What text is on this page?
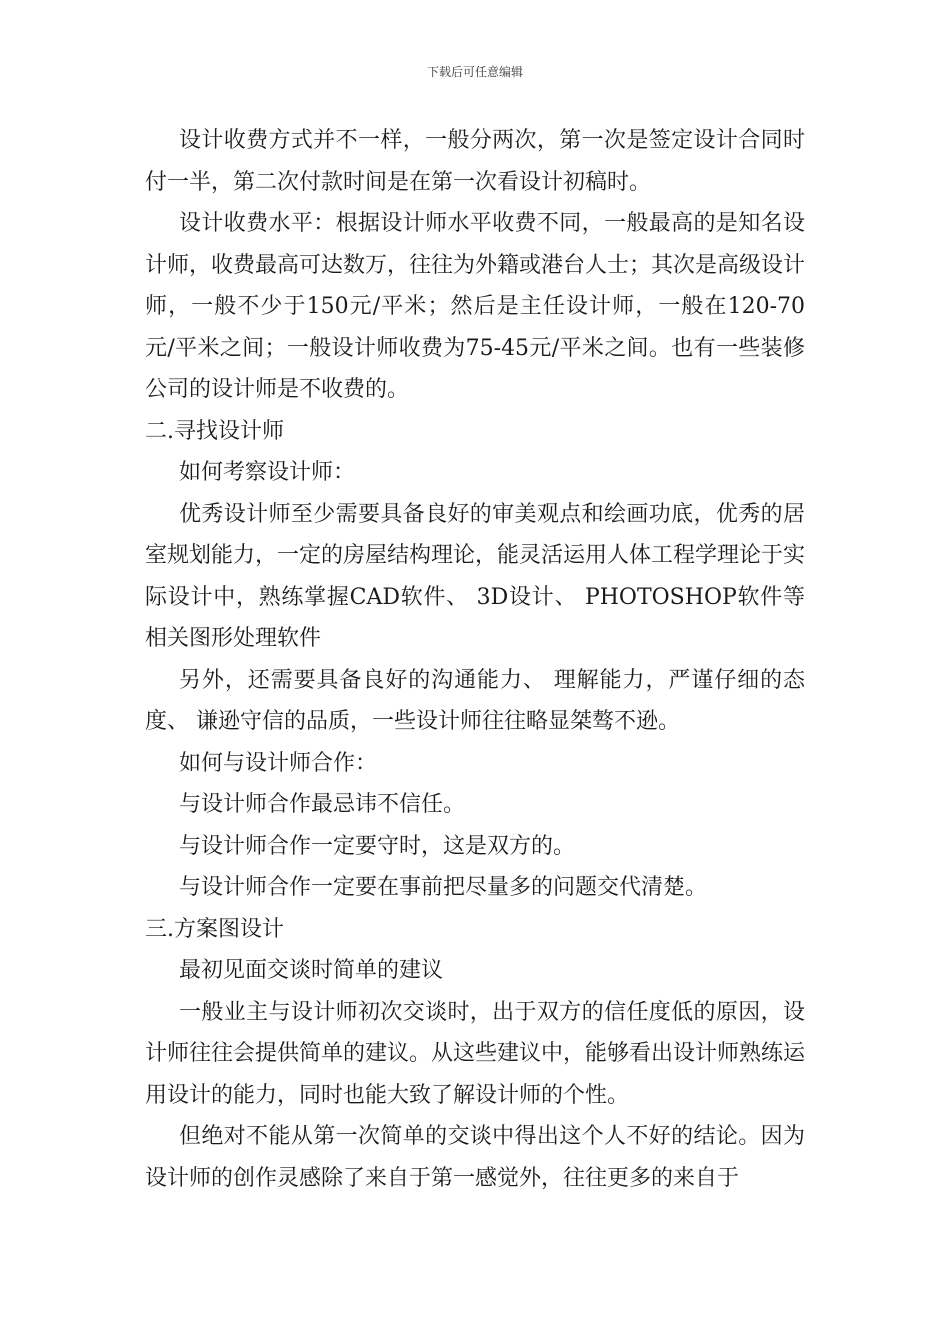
下载后可任意编辑

设计收费方式并不一样，一般分两次，第一次是签定设计合同时付一半，第二次付款时间是在第一次看设计初稿时。

设计收费水平：根据设计师水平收费不同，一般最高的是知名设计师，收费最高可达数万，往往为外籍或港台人士；其次是高级设计师，一般不少于150元/平米；然后是主任设计师，一般在120-70元/平米之间；一般设计师收费为75-45元/平米之间。也有一些装修公司的设计师是不收费的。

二.寻找设计师

如何考察设计师：

优秀设计师至少需要具备良好的审美观点和绘画功底，优秀的居室规划能力，一定的房屋结构理论，能灵活运用人体工程学理论于实际设计中，熟练掌握CAD软件、 3D设计、 PHOTOSHOP软件等相关图形处理软件

另外，还需要具备良好的沟通能力、 理解能力，严谨仔细的态度、 谦逊守信的品质，一些设计师往往略显桀骜不逊。

如何与设计师合作：

与设计师合作最忌讳不信任。

与设计师合作一定要守时，这是双方的。

与设计师合作一定要在事前把尽量多的问题交代清楚。

三.方案图设计

最初见面交谈时简单的建议

一般业主与设计师初次交谈时，出于双方的信任度低的原因，设计师往往会提供简单的建议。从这些建议中，能够看出设计师熟练运用设计的能力，同时也能大致了解设计师的个性。

但绝对不能从第一次简单的交谈中得出这个人不好的结论。因为设计师的创作灵感除了来自于第一感觉外，往往更多的来自于
